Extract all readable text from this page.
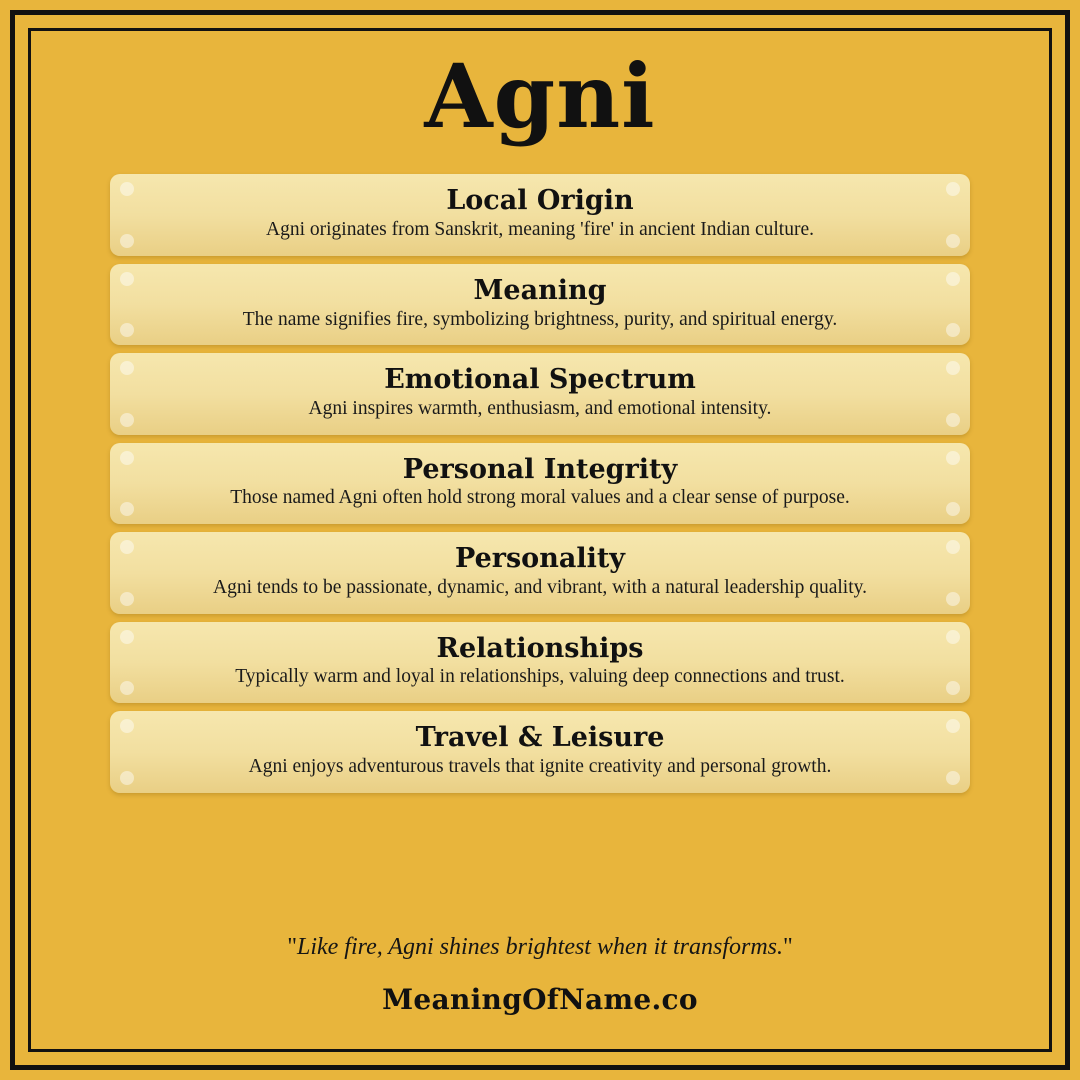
Agni

Local Origin

Agni originates from Sanskrit, meaning 'fire' in ancient Indian culture.

Meaning

The name signifies fire, symbolizing brightness, purity, and spiritual energy.

Emotional Spectrum

Agni inspires warmth, enthusiasm, and emotional intensity.

Personal Integrity

Those named Agni often hold strong moral values and a clear sense of purpose.

Personality

Agni tends to be passionate, dynamic, and vibrant, with a natural leadership quality.

Relationships

Typically warm and loyal in relationships, valuing deep connections and trust.

Travel & Leisure

Agni enjoys adventurous travels that ignite creativity and personal growth.

"Like fire, Agni shines brightest when it transforms."
MeaningOfName.co
